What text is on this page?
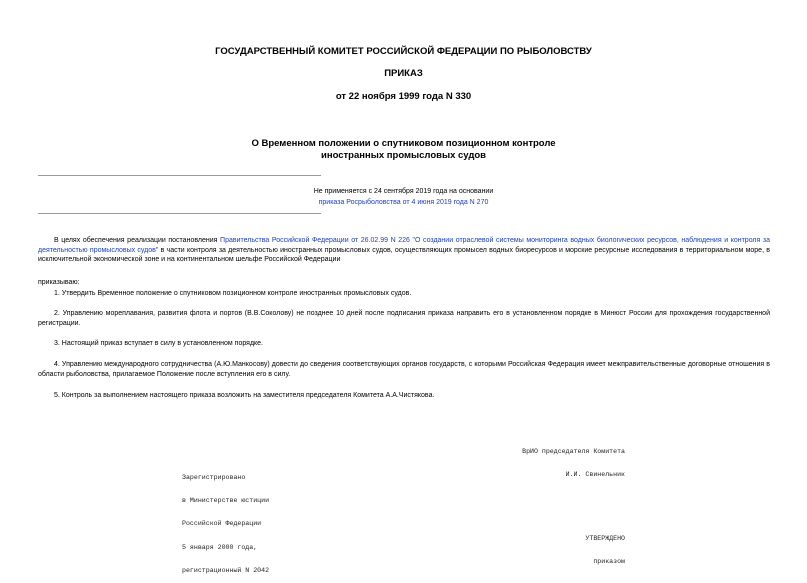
ГОСУДАРСТВЕННЫЙ КОМИТЕТ РОССИЙСКОЙ ФЕДЕРАЦИИ ПО РЫБОЛОВСТВУ
ПРИКАЗ
от 22 ноября 1999 года N 330
О Временном положении о спутниковом позиционном контроле
иностранных промысловых судов
Не применяется с 24 сентября 2019 года на основании
приказа Росрыболовства от 4 июня 2019 года N 270
В целях обеспечения реализации постановления Правительства Российской Федерации от 26.02.99 N 226 "О создании отраслевой системы мониторинга водных биологических ресурсов, наблюдения и контроля за деятельностью промысловых судов" в части контроля за деятельностью иностранных промысловых судов, осуществляющих промысел водных биоресурсов и морские ресурсные исследования в территориальном море, в исключительной экономической зоне и на континентальном шельфе Российской Федерации
приказываю:
1. Утвердить Временное положение о спутниковом позиционном контроле иностранных промысловых судов.
2. Управлению мореплавания, развития флота и портов (В.В.Соколову) не позднее 10 дней после подписания приказа направить его в установленном порядке в Минюст России для прохождения государственной регистрации.
3. Настоящий приказ вступает в силу в установленном порядке.
4. Управлению международного сотрудничества (А.Ю.Манкосову) довести до сведения соответствующих органов государств, с которыми Российская Федерация имеет межправительственные договорные отношения в области рыболовства, прилагаемое Положение после вступления его в силу.
5. Контроль за выполнением настоящего приказа возложить на заместителя председателя Комитета А.А.Чистякова.

ВрИО председателя Комитета

И.И. Свинельник

Зарегистрировано

в Министерстве юстиции

Российской Федерации

5 января 2000 года,

регистрационный N 2042

УТВЕРЖДЕНО

приказом
